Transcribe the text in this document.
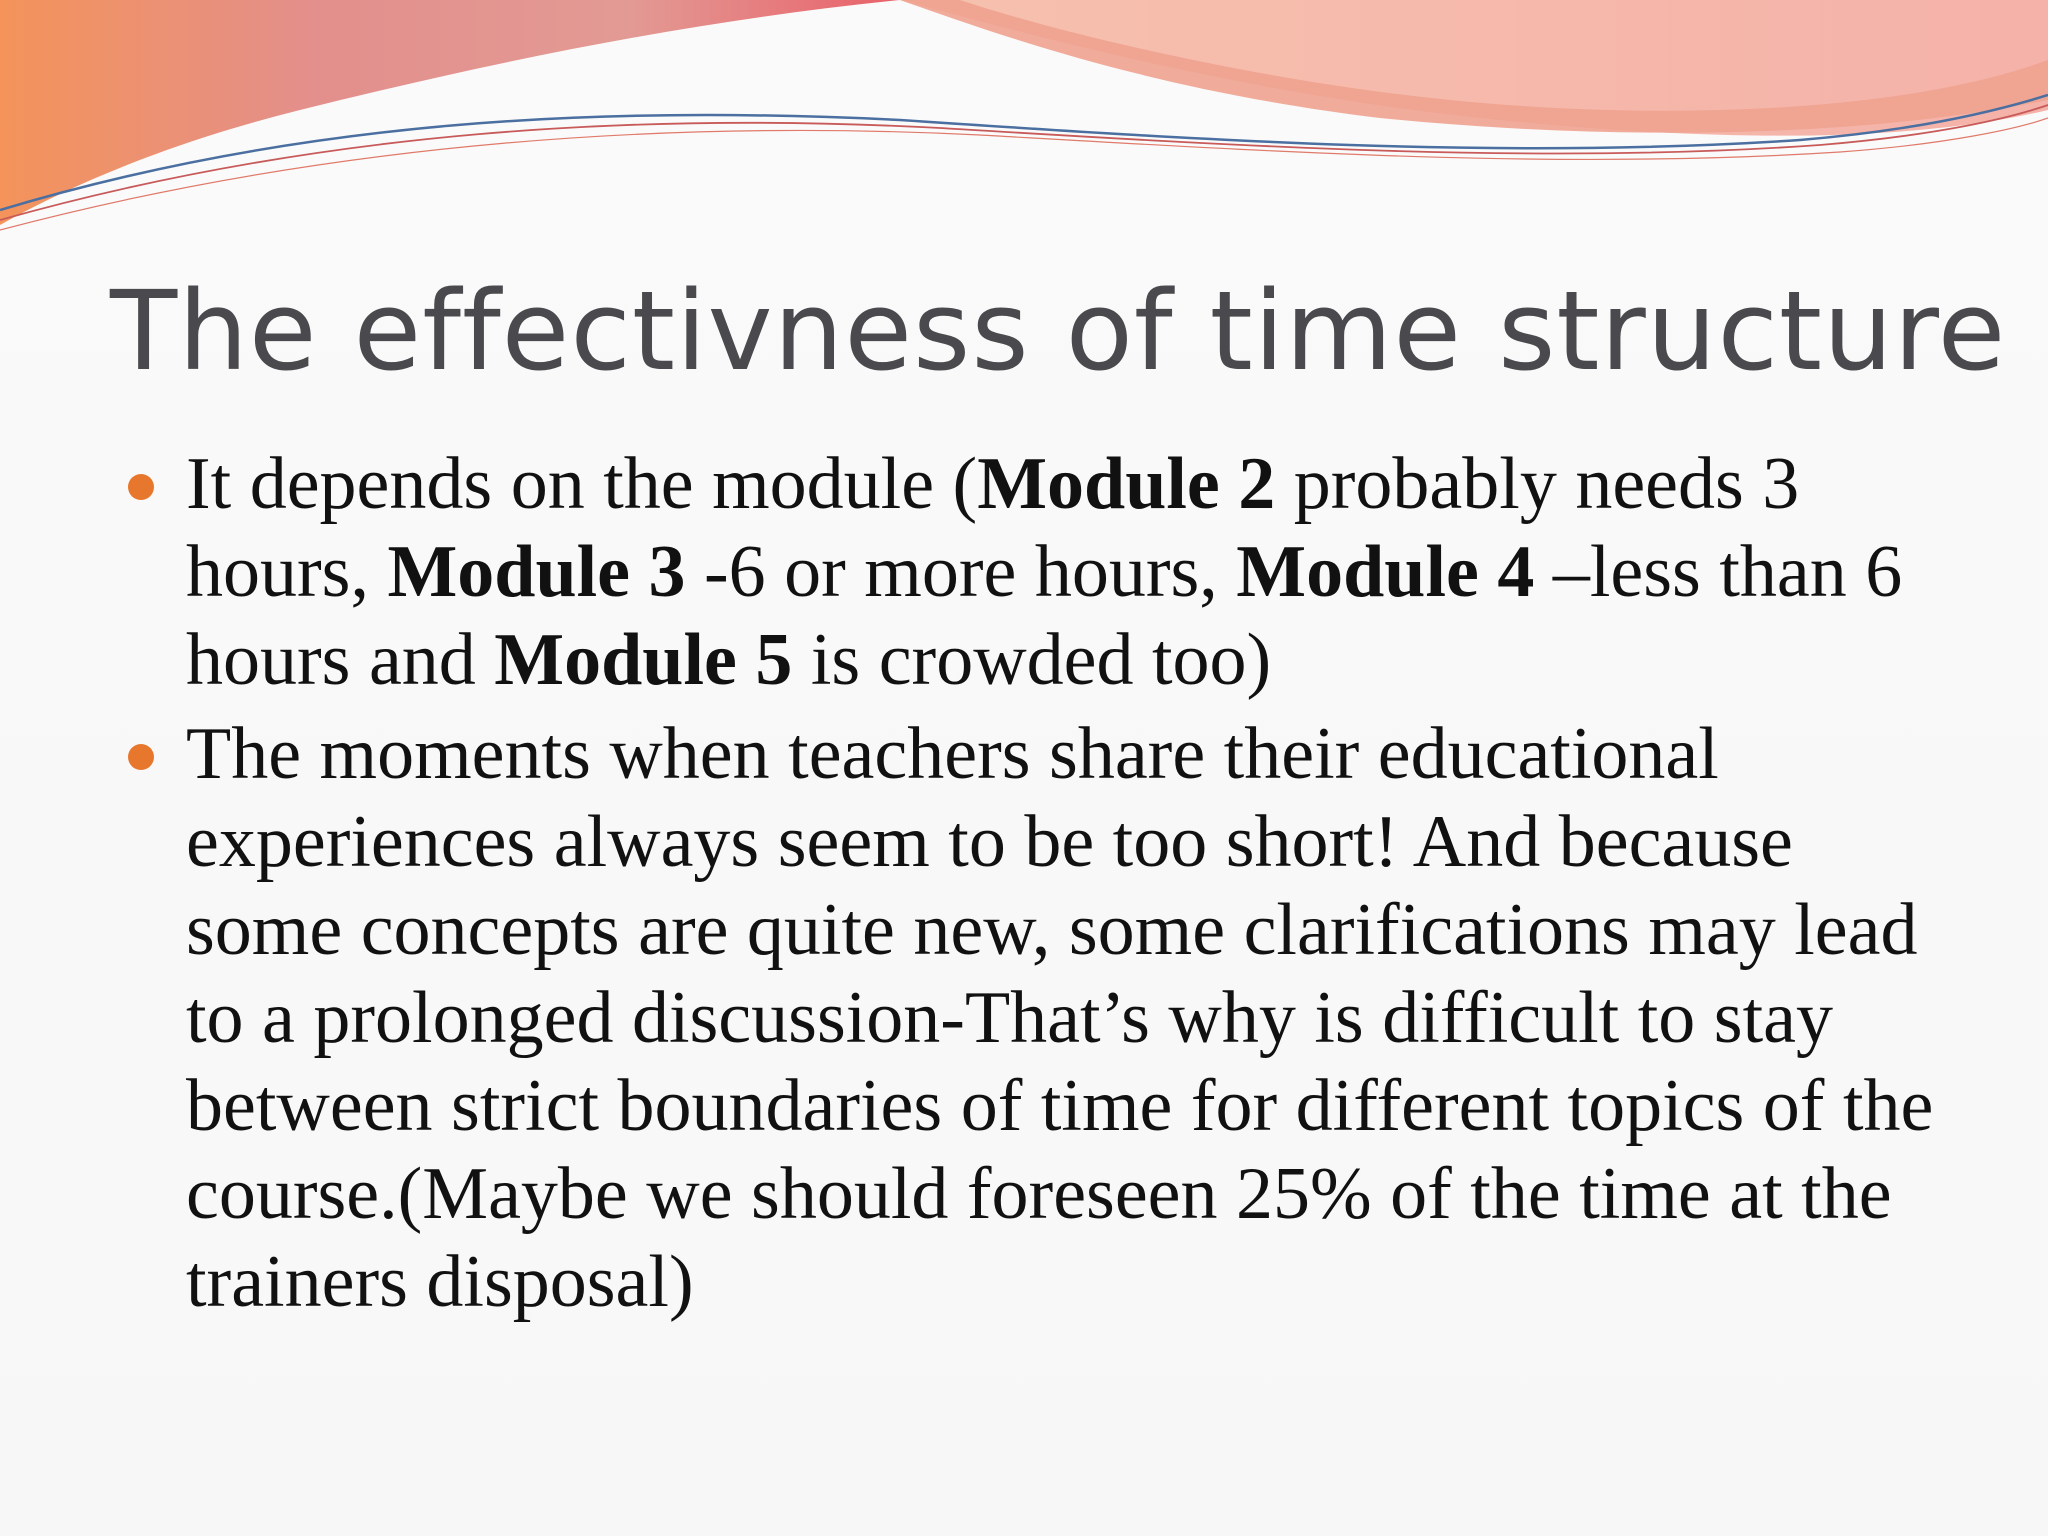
The effectivness of time structure
It depends on the module (Module 2 probably needs 3 hours, Module 3 -6 or more hours, Module 4 –less than 6 hours and Module 5 is crowded too)
The moments when teachers share their educational experiences always seem to be too short! And because some concepts are quite new, some clarifications may lead to a prolonged discussion-That’s why is difficult to stay between strict boundaries of time for different topics of the course.(Maybe we should foreseen 25% of the time at the trainers disposal)
